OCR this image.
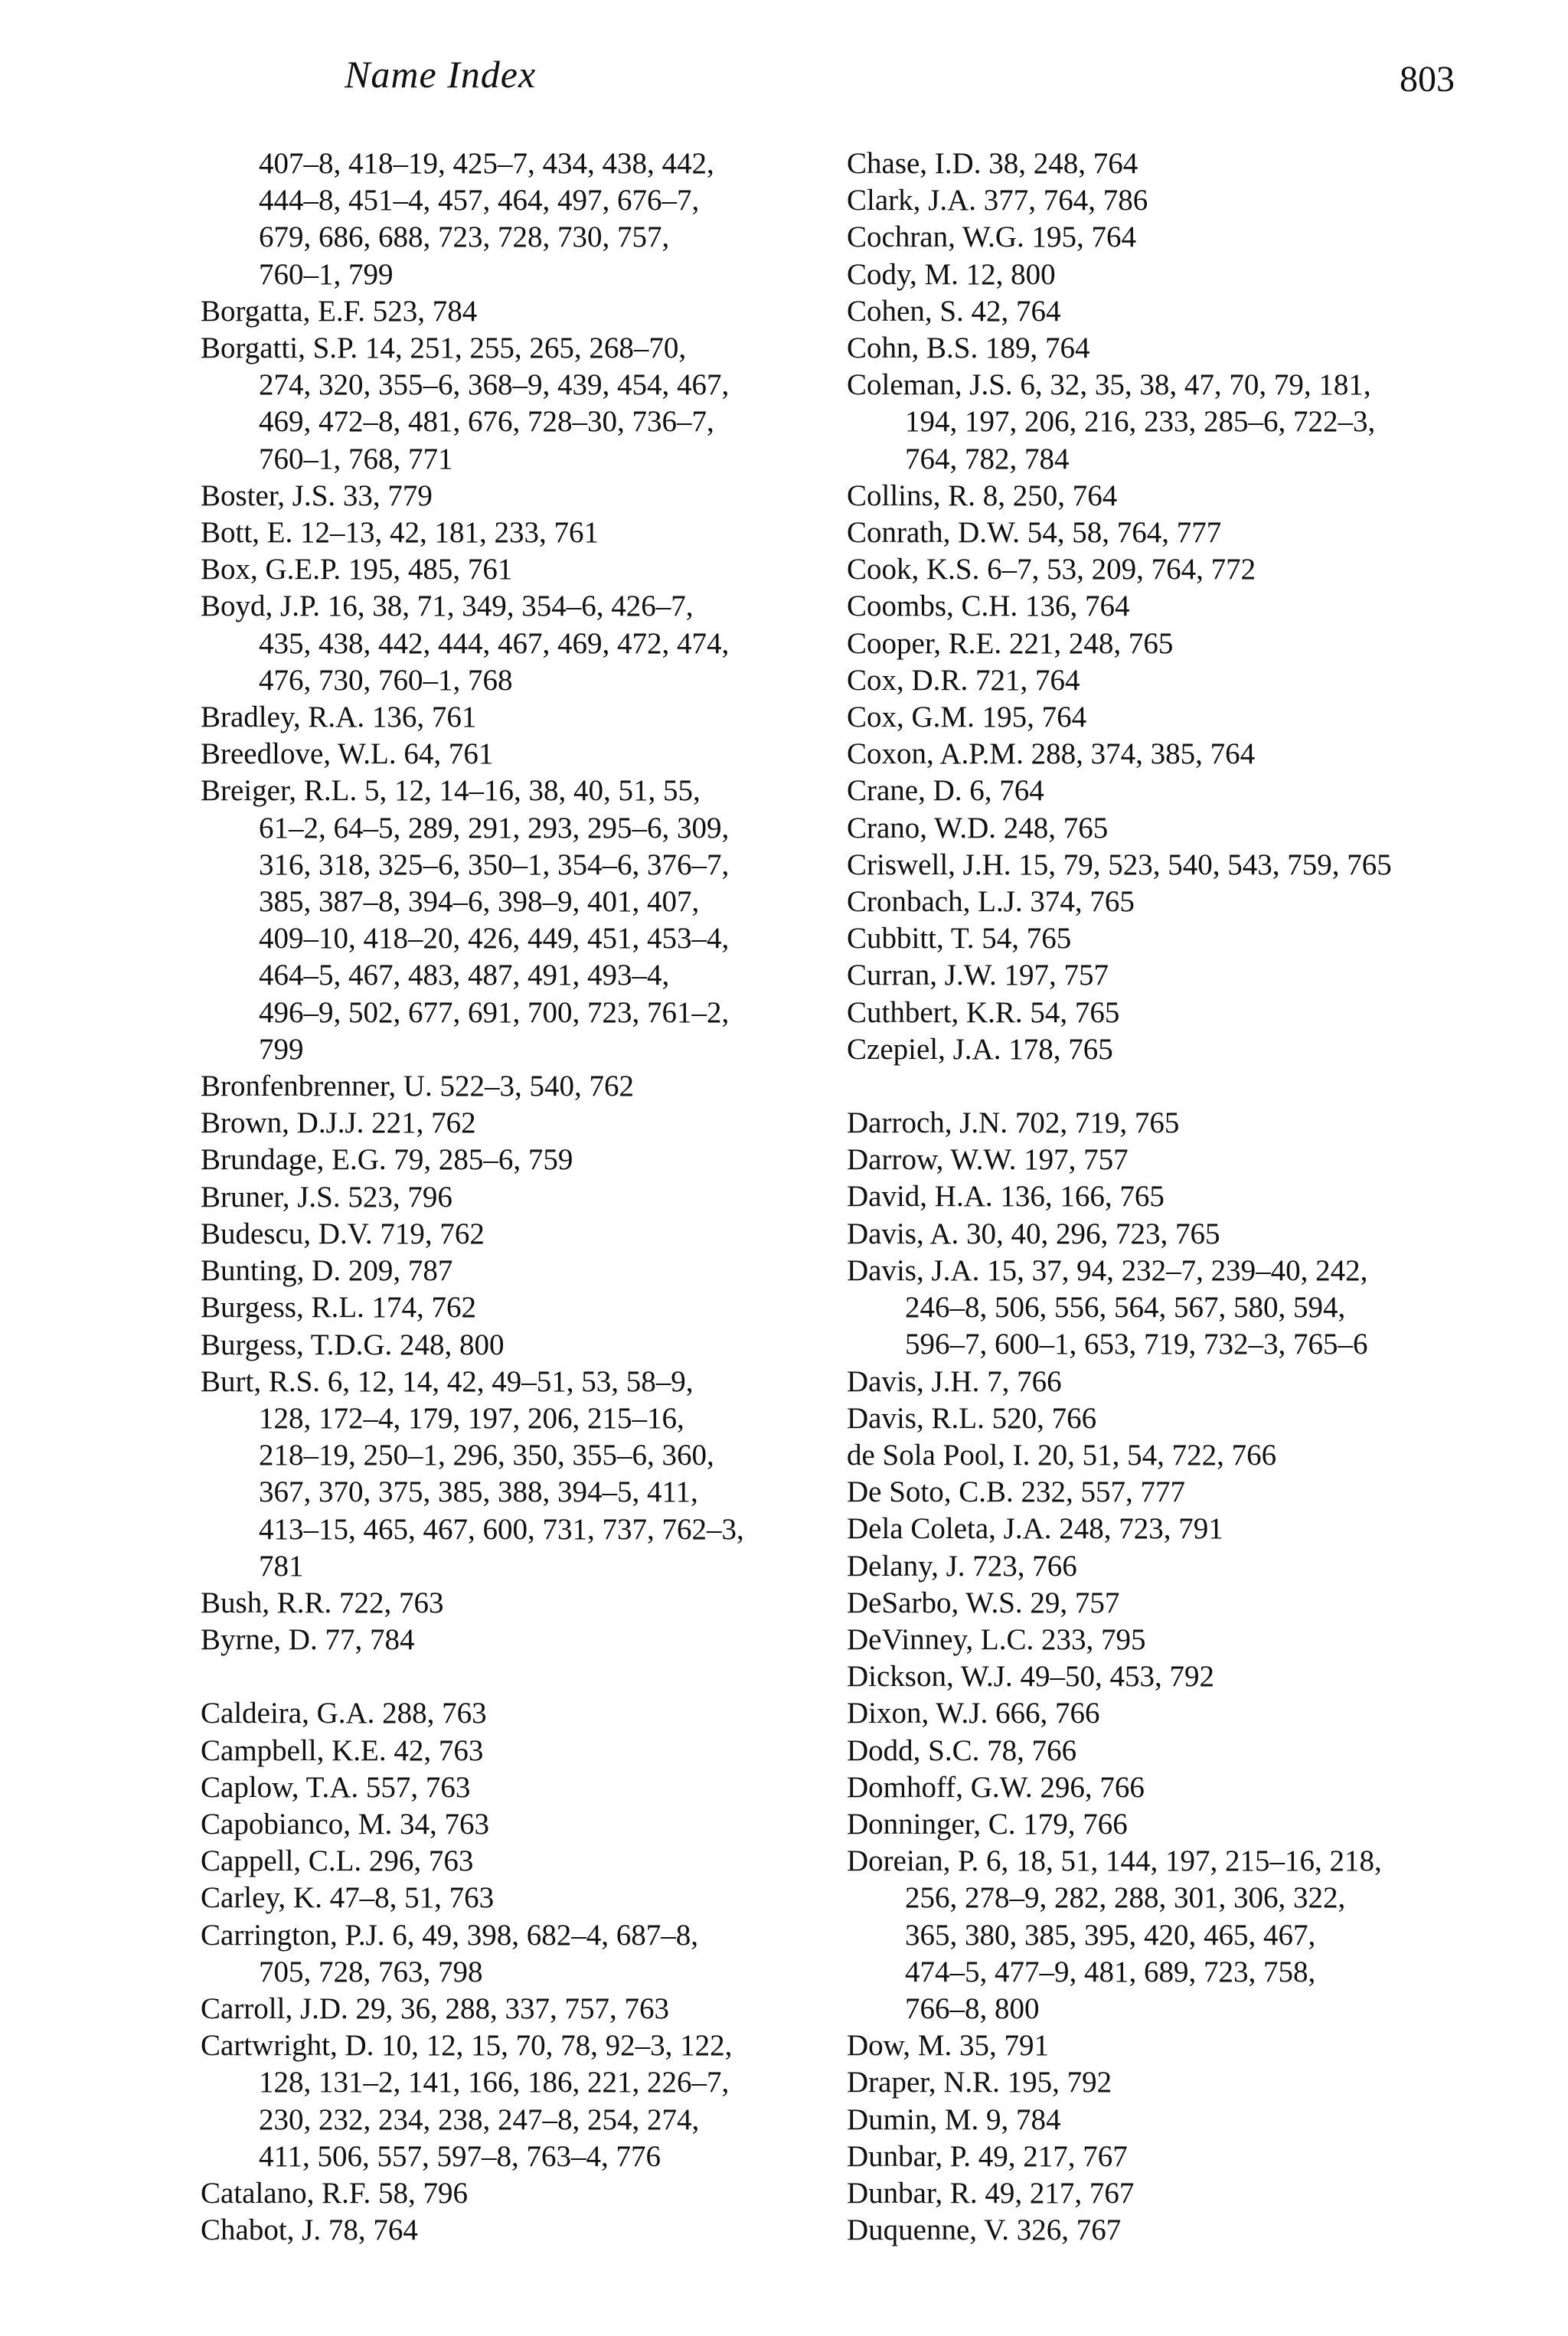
Name Index	803
407–8, 418–19, 425–7, 434, 438, 442,
444–8, 451–4, 457, 464, 497, 676–7,
679, 686, 688, 723, 728, 730, 757,
760–1, 799
Borgatta, E.F. 523, 784
Borgatti, S.P. 14, 251, 255, 265, 268–70,
274, 320, 355–6, 368–9, 439, 454, 467,
469, 472–8, 481, 676, 728–30, 736–7,
760–1, 768, 771
Boster, J.S. 33, 779
Bott, E. 12–13, 42, 181, 233, 761
Box, G.E.P. 195, 485, 761
Boyd, J.P. 16, 38, 71, 349, 354–6, 426–7,
435, 438, 442, 444, 467, 469, 472, 474,
476, 730, 760–1, 768
Bradley, R.A. 136, 761
Breedlove, W.L. 64, 761
Breiger, R.L. 5, 12, 14–16, 38, 40, 51, 55,
61–2, 64–5, 289, 291, 293, 295–6, 309,
316, 318, 325–6, 350–1, 354–6, 376–7,
385, 387–8, 394–6, 398–9, 401, 407,
409–10, 418–20, 426, 449, 451, 453–4,
464–5, 467, 483, 487, 491, 493–4,
496–9, 502, 677, 691, 700, 723, 761–2,
799
Bronfenbrenner, U. 522–3, 540, 762
Brown, D.J.J. 221, 762
Brundage, E.G. 79, 285–6, 759
Bruner, J.S. 523, 796
Budescu, D.V. 719, 762
Bunting, D. 209, 787
Burgess, R.L. 174, 762
Burgess, T.D.G. 248, 800
Burt, R.S. 6, 12, 14, 42, 49–51, 53, 58–9,
128, 172–4, 179, 197, 206, 215–16,
218–19, 250–1, 296, 350, 355–6, 360,
367, 370, 375, 385, 388, 394–5, 411,
413–15, 465, 467, 600, 731, 737, 762–3,
781
Bush, R.R. 722, 763
Byrne, D. 77, 784
Caldeira, G.A. 288, 763
Campbell, K.E. 42, 763
Caplow, T.A. 557, 763
Capobianco, M. 34, 763
Cappell, C.L. 296, 763
Carley, K. 47–8, 51, 763
Carrington, P.J. 6, 49, 398, 682–4, 687–8,
705, 728, 763, 798
Carroll, J.D. 29, 36, 288, 337, 757, 763
Cartwright, D. 10, 12, 15, 70, 78, 92–3, 122,
128, 131–2, 141, 166, 186, 221, 226–7,
230, 232, 234, 238, 247–8, 254, 274,
411, 506, 557, 597–8, 763–4, 776
Catalano, R.F. 58, 796
Chabot, J. 78, 764
Chase, I.D. 38, 248, 764
Clark, J.A. 377, 764, 786
Cochran, W.G. 195, 764
Cody, M. 12, 800
Cohen, S. 42, 764
Cohn, B.S. 189, 764
Coleman, J.S. 6, 32, 35, 38, 47, 70, 79, 181,
194, 197, 206, 216, 233, 285–6, 722–3,
764, 782, 784
Collins, R. 8, 250, 764
Conrath, D.W. 54, 58, 764, 777
Cook, K.S. 6–7, 53, 209, 764, 772
Coombs, C.H. 136, 764
Cooper, R.E. 221, 248, 765
Cox, D.R. 721, 764
Cox, G.M. 195, 764
Coxon, A.P.M. 288, 374, 385, 764
Crane, D. 6, 764
Crano, W.D. 248, 765
Criswell, J.H. 15, 79, 523, 540, 543, 759, 765
Cronbach, L.J. 374, 765
Cubbitt, T. 54, 765
Curran, J.W. 197, 757
Cuthbert, K.R. 54, 765
Czepiel, J.A. 178, 765
Darroch, J.N. 702, 719, 765
Darrow, W.W. 197, 757
David, H.A. 136, 166, 765
Davis, A. 30, 40, 296, 723, 765
Davis, J.A. 15, 37, 94, 232–7, 239–40, 242,
246–8, 506, 556, 564, 567, 580, 594,
596–7, 600–1, 653, 719, 732–3, 765–6
Davis, J.H. 7, 766
Davis, R.L. 520, 766
de Sola Pool, I. 20, 51, 54, 722, 766
De Soto, C.B. 232, 557, 777
Dela Coleta, J.A. 248, 723, 791
Delany, J. 723, 766
DeSarbo, W.S. 29, 757
DeVinney, L.C. 233, 795
Dickson, W.J. 49–50, 453, 792
Dixon, W.J. 666, 766
Dodd, S.C. 78, 766
Domhoff, G.W. 296, 766
Donninger, C. 179, 766
Doreian, P. 6, 18, 51, 144, 197, 215–16, 218,
256, 278–9, 282, 288, 301, 306, 322,
365, 380, 385, 395, 420, 465, 467,
474–5, 477–9, 481, 689, 723, 758,
766–8, 800
Dow, M. 35, 791
Draper, N.R. 195, 792
Dumin, M. 9, 784
Dunbar, P. 49, 217, 767
Dunbar, R. 49, 217, 767
Duquenne, V. 326, 767
